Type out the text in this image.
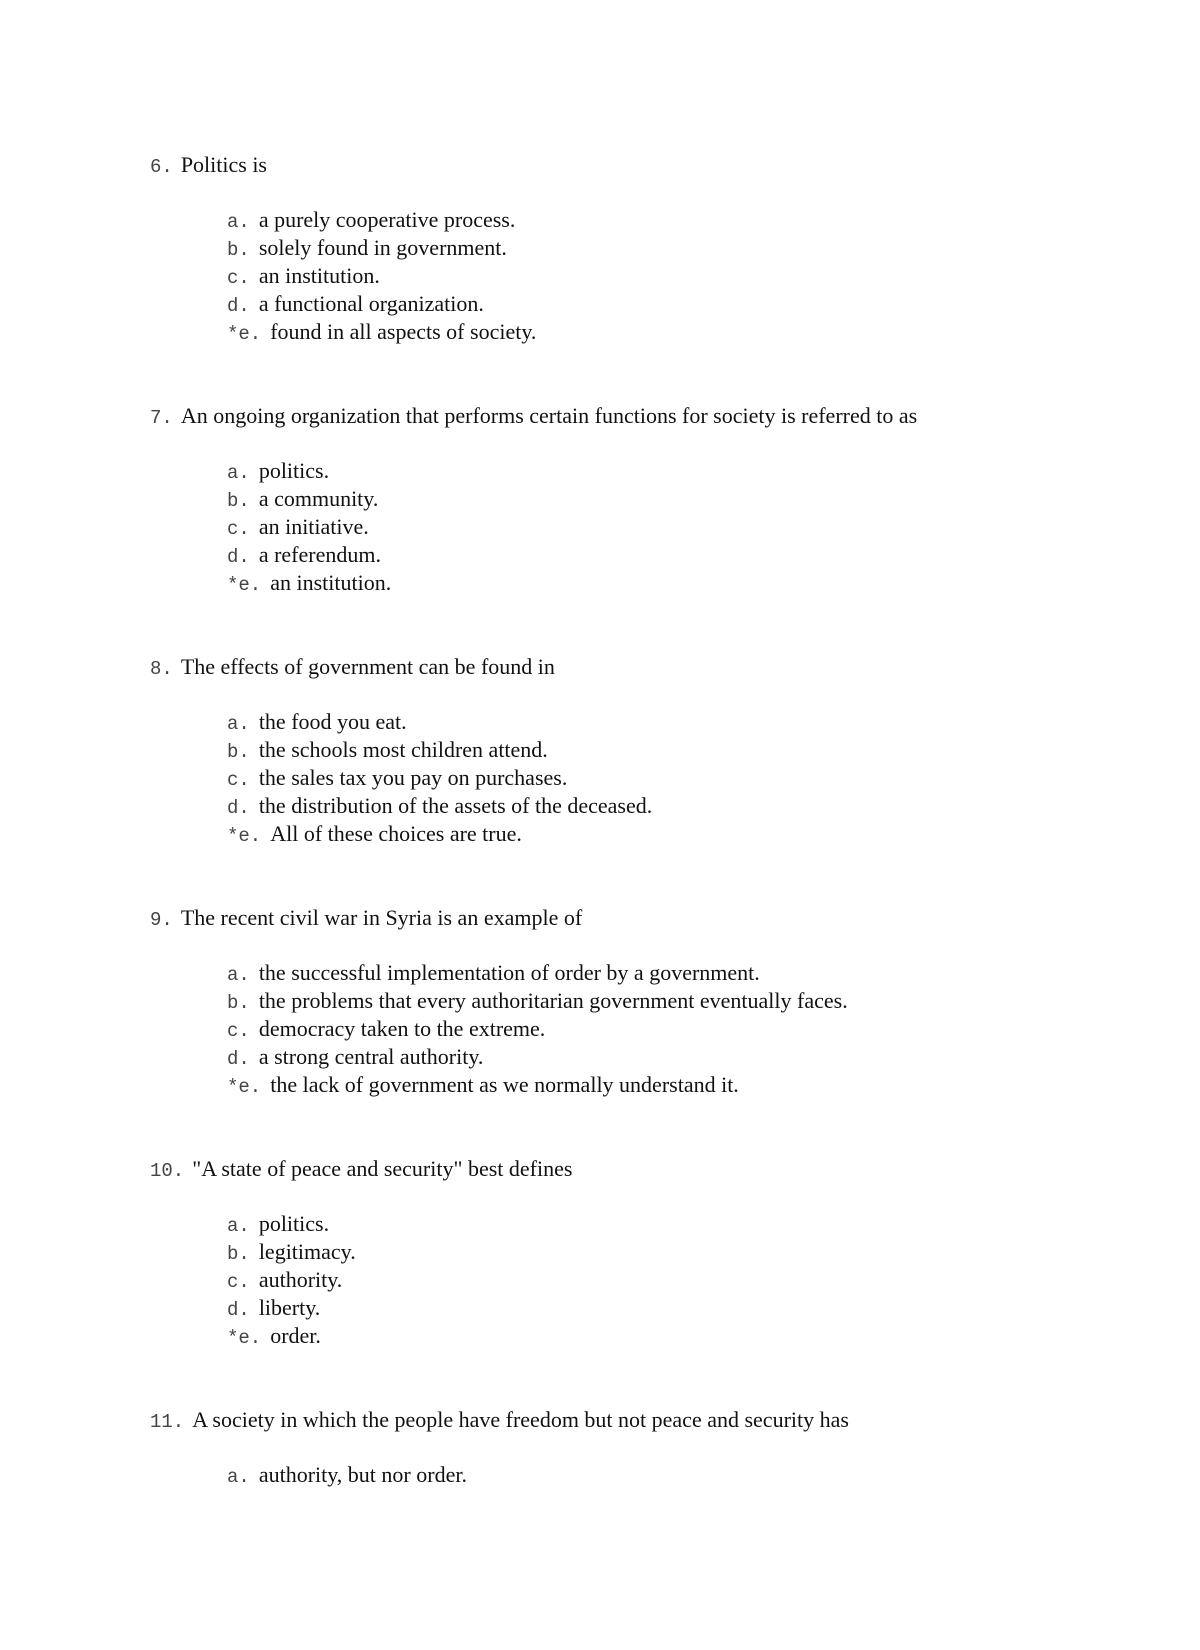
6. Politics is
a. a purely cooperative process.
b. solely found in government.
c. an institution.
d. a functional organization.
*e. found in all aspects of society.
7. An ongoing organization that performs certain functions for society is referred to as
a. politics.
b. a community.
c. an initiative.
d. a referendum.
*e. an institution.
8. The effects of government can be found in
a. the food you eat.
b. the schools most children attend.
c. the sales tax you pay on purchases.
d. the distribution of the assets of the deceased.
*e. All of these choices are true.
9. The recent civil war in Syria is an example of
a. the successful implementation of order by a government.
b. the problems that every authoritarian government eventually faces.
c. democracy taken to the extreme.
d. a strong central authority.
*e. the lack of government as we normally understand it.
10. "A state of peace and security" best defines
a. politics.
b. legitimacy.
c. authority.
d. liberty.
*e. order.
11. A society in which the people have freedom but not peace and security has
a. authority, but nor order.
